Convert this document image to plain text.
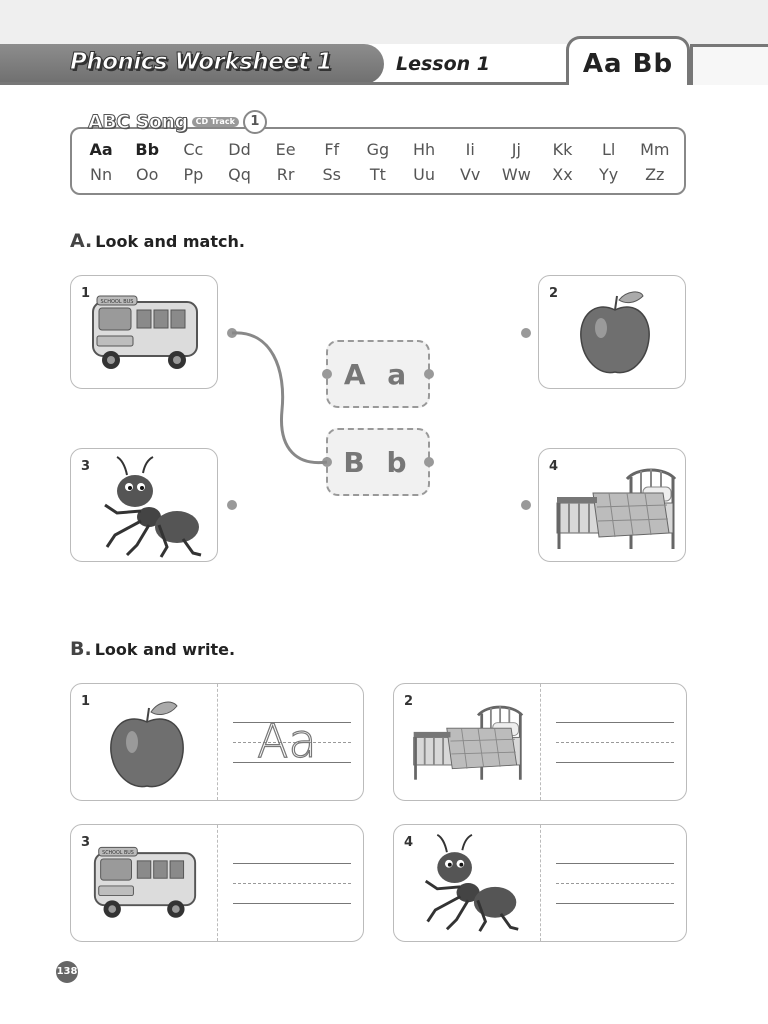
Phonics Worksheet 1	Lesson 1	Aa Bb
ABC Song	CD Track	1
Aa	Bb	Cc	Dd	Ee	Ff	Gg	Hh	Ii	Jj	Kk	Ll	Mm
Nn	Oo	Pp	Qq	Rr	Ss	Tt	Uu	Vv	Ww	Xx	Yy	Zz
A. Look and match.
1
SCHOOL BUS
2
3	4
A a
B b
B. Look and write.
1
Aa
2
3
SCHOOL BUS
4
138
